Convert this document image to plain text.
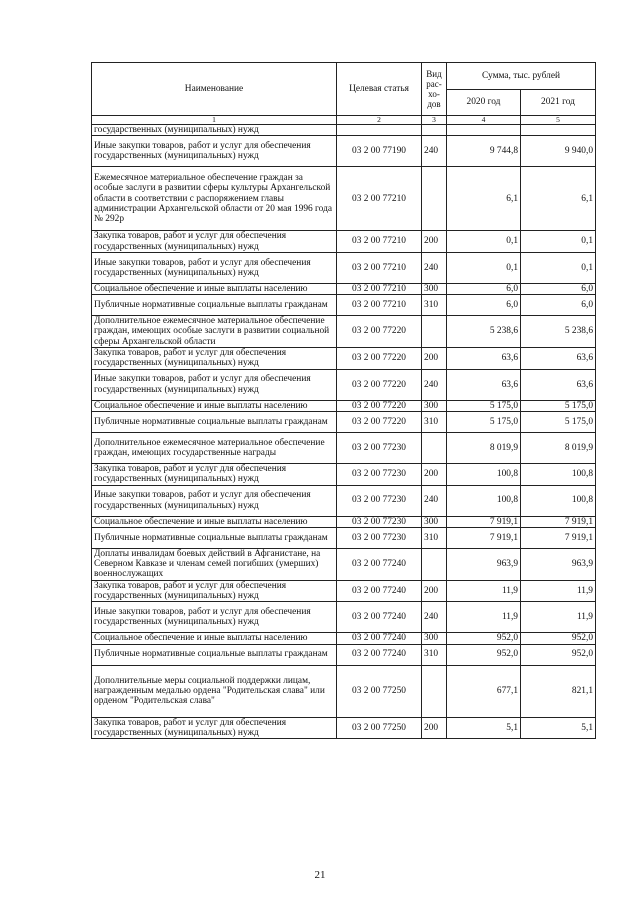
Наименование	Целевая статья	Вид рас-хо-дов	Сумма, тыс. рублей	
			2020 год	2021 год
1	2	3	4	5
государственных (муниципальных) нужд				
Иные закупки товаров, работ и услуг для обеспечения государственных (муниципальных) нужд	03 2 00 77190	240	9 744,8	9 940,0
Ежемесячное материальное обеспечение граждан за особые заслуги в развитии сферы культуры Архангельской области в соответствии с распоряжением главы администрации Архангельской области от 20 мая 1996 года № 292р	03 2 00 77210		6,1	6,1
Закупка товаров, работ и услуг для обеспечения государственных (муниципальных) нужд	03 2 00 77210	200	0,1	0,1
Иные закупки товаров, работ и услуг для обеспечения государственных (муниципальных) нужд	03 2 00 77210	240	0,1	0,1
Социальное обеспечение и иные выплаты населению	03 2 00 77210	300	6,0	6,0
Публичные нормативные социальные выплаты гражданам	03 2 00 77210	310	6,0	6,0
Дополнительное ежемесячное материальное обеспечение граждан, имеющих особые заслуги в развитии социальной сферы Архангельской области	03 2 00 77220		5 238,6	5 238,6
Закупка товаров, работ и услуг для обеспечения государственных (муниципальных) нужд	03 2 00 77220	200	63,6	63,6
Иные закупки товаров, работ и услуг для обеспечения государственных (муниципальных) нужд	03 2 00 77220	240	63,6	63,6
Социальное обеспечение и иные выплаты населению	03 2 00 77220	300	5 175,0	5 175,0
Публичные нормативные социальные выплаты гражданам	03 2 00 77220	310	5 175,0	5 175,0
Дополнительное ежемесячное материальное обеспечение граждан, имеющих государственные награды	03 2 00 77230		8 019,9	8 019,9
Закупка товаров, работ и услуг для обеспечения государственных (муниципальных) нужд	03 2 00 77230	200	100,8	100,8
Иные закупки товаров, работ и услуг для обеспечения государственных (муниципальных) нужд	03 2 00 77230	240	100,8	100,8
Социальное обеспечение и иные выплаты населению	03 2 00 77230	300	7 919,1	7 919,1
Публичные нормативные социальные выплаты гражданам	03 2 00 77230	310	7 919,1	7 919,1
Доплаты инвалидам боевых действий в Афганистане, на Северном Кавказе и членам семей погибших (умерших) военнослужащих	03 2 00 77240		963,9	963,9
Закупка товаров, работ и услуг для обеспечения государственных (муниципальных) нужд	03 2 00 77240	200	11,9	11,9
Иные закупки товаров, работ и услуг для обеспечения государственных (муниципальных) нужд	03 2 00 77240	240	11,9	11,9
Социальное обеспечение и иные выплаты населению	03 2 00 77240	300	952,0	952,0
Публичные нормативные социальные выплаты гражданам	03 2 00 77240	310	952,0	952,0
Дополнительные меры социальной поддержки лицам, награжденным медалью ордена "Родительская слава" или орденом "Родительская слава"	03 2 00 77250		677,1	821,1
Закупка товаров, работ и услуг для обеспечения государственных (муниципальных) нужд	03 2 00 77250	200	5,1	5,1
21
